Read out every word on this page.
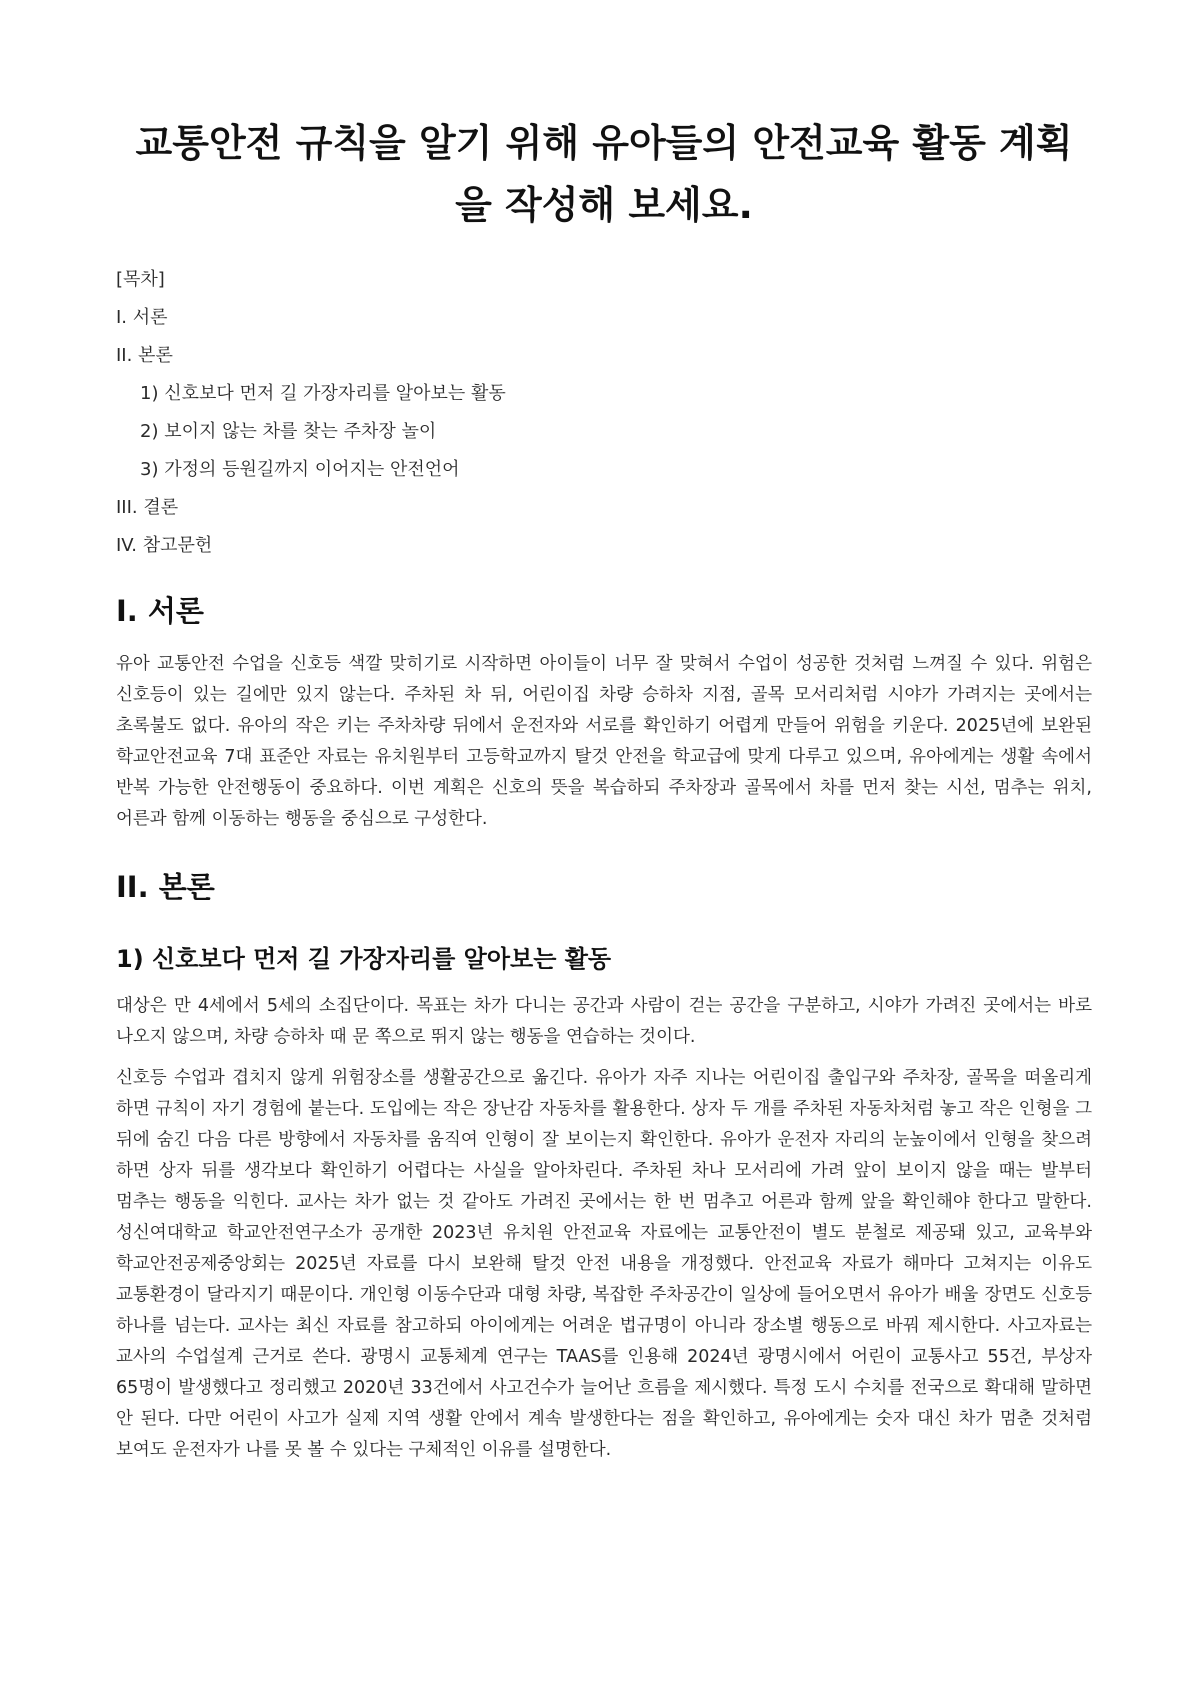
교통안전 규칙을 알기 위해 유아들의 안전교육 활동 계획을 작성해 보세요.
[목차]
I. 서론
II. 본론
1) 신호보다 먼저 길 가장자리를 알아보는 활동
2) 보이지 않는 차를 찾는 주차장 놀이
3) 가정의 등원길까지 이어지는 안전언어
III. 결론
IV. 참고문헌
I. 서론

유아 교통안전 수업을 신호등 색깔 맞히기로 시작하면 아이들이 너무 잘 맞혀서 수업이 성공한 것처럼 느껴질 수 있다. 위험은 신호등이 있는 길에만 있지 않는다. 주차된 차 뒤, 어린이집 차량 승하차 지점, 골목 모서리처럼 시야가 가려지는 곳에서는 초록불도 없다. 유아의 작은 키는 주차차량 뒤에서 운전자와 서로를 확인하기 어렵게 만들어 위험을 키운다. 2025년에 보완된 학교안전교육 7대 표준안 자료는 유치원부터 고등학교까지 탈것 안전을 학교급에 맞게 다루고 있으며, 유아에게는 생활 속에서 반복 가능한 안전행동이 중요하다. 이번 계획은 신호의 뜻을 복습하되 주차장과 골목에서 차를 먼저 찾는 시선, 멈추는 위치, 어른과 함께 이동하는 행동을 중심으로 구성한다.

II. 본론
1) 신호보다 먼저 길 가장자리를 알아보는 활동

대상은 만 4세에서 5세의 소집단이다. 목표는 차가 다니는 공간과 사람이 걷는 공간을 구분하고, 시야가 가려진 곳에서는 바로 나오지 않으며, 차량 승하차 때 문 쪽으로 뛰지 않는 행동을 연습하는 것이다.

신호등 수업과 겹치지 않게 위험장소를 생활공간으로 옮긴다. 유아가 자주 지나는 어린이집 출입구와 주차장, 골목을 떠올리게 하면 규칙이 자기 경험에 붙는다. 도입에는 작은 장난감 자동차를 활용한다. 상자 두 개를 주차된 자동차처럼 놓고 작은 인형을 그 뒤에 숨긴 다음 다른 방향에서 자동차를 움직여 인형이 잘 보이는지 확인한다. 유아가 운전자 자리의 눈높이에서 인형을 찾으려 하면 상자 뒤를 생각보다 확인하기 어렵다는 사실을 알아차린다. 주차된 차나 모서리에 가려 앞이 보이지 않을 때는 발부터 멈추는 행동을 익힌다. 교사는 차가 없는 것 같아도 가려진 곳에서는 한 번 멈추고 어른과 함께 앞을 확인해야 한다고 말한다. 성신여대학교 학교안전연구소가 공개한 2023년 유치원 안전교육 자료에는 교통안전이 별도 분철로 제공돼 있고, 교육부와 학교안전공제중앙회는 2025년 자료를 다시 보완해 탈것 안전 내용을 개정했다. 안전교육 자료가 해마다 고쳐지는 이유도 교통환경이 달라지기 때문이다. 개인형 이동수단과 대형 차량, 복잡한 주차공간이 일상에 들어오면서 유아가 배울 장면도 신호등 하나를 넘는다. 교사는 최신 자료를 참고하되 아이에게는 어려운 법규명이 아니라 장소별 행동으로 바꿔 제시한다. 사고자료는 교사의 수업설계 근거로 쓴다. 광명시 교통체계 연구는 TAAS를 인용해 2024년 광명시에서 어린이 교통사고 55건, 부상자 65명이 발생했다고 정리했고 2020년 33건에서 사고건수가 늘어난 흐름을 제시했다. 특정 도시 수치를 전국으로 확대해 말하면 안 된다. 다만 어린이 사고가 실제 지역 생활 안에서 계속 발생한다는 점을 확인하고, 유아에게는 숫자 대신 차가 멈춘 것처럼 보여도 운전자가 나를 못 볼 수 있다는 구체적인 이유를 설명한다.
